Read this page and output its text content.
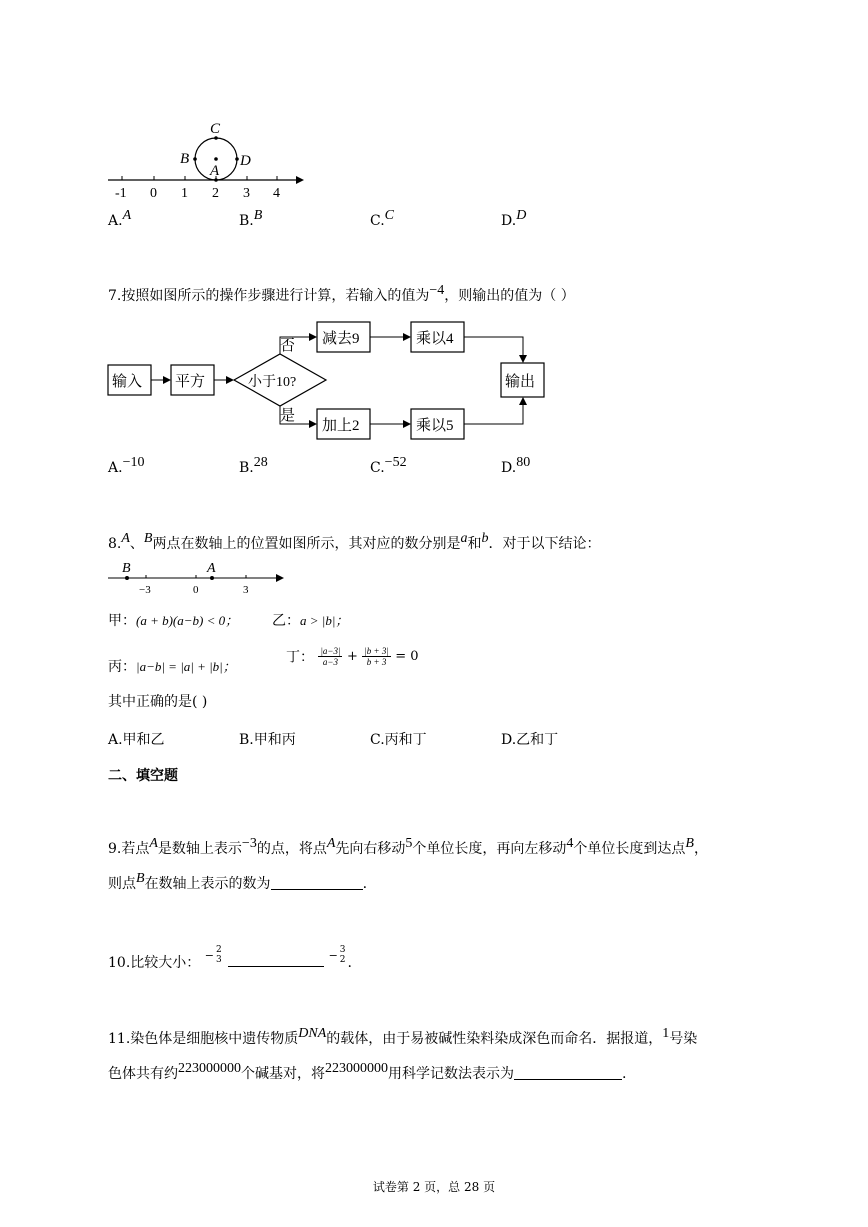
C
B	D
A
-1 0 1 2 3 4
A.A	B.B	C.C	D.D
7.按照如图所示的操作步骤进行计算，若输入的值为−4，则输出的值为（ ）
输入 平方	小于10?
否 减去9	乘以4
是
加上2	乘以5
输出
A.−10	B.28	C.−52	D.80
8.A、B两点在数轴上的位置如图所示，其对应的数分别是a和b．对于以下结论：
B	A
−3	0	3
甲：(a + b)(a−b) < 0； 乙：a > |b|；
丙：|a−b| = |a| + |b|；
丁： $\frac{|a-3|}{a-3} + \frac{|b + 3|}{b + 3} = 0$
其中正确的是( )
A.甲和乙	B.甲和丙	C.丙和丁	D.乙和丁
二、填空题
9.若点A是数轴上表示−3的点，将点A先向右移动5个单位长度，再向左移动4个单位长度到达点B，
则点B在数轴上表示的数为	.
10.比较大小： − 2
3	− 3
2 .
11.染色体是细胞核中遗传物质DNA的载体，由于易被碱性染料染成深色而命名．据报道，1号染
色体共有约223000000个碱基对，将223000000用科学记数法表示为	.
试卷第 2 页，总 28 页
